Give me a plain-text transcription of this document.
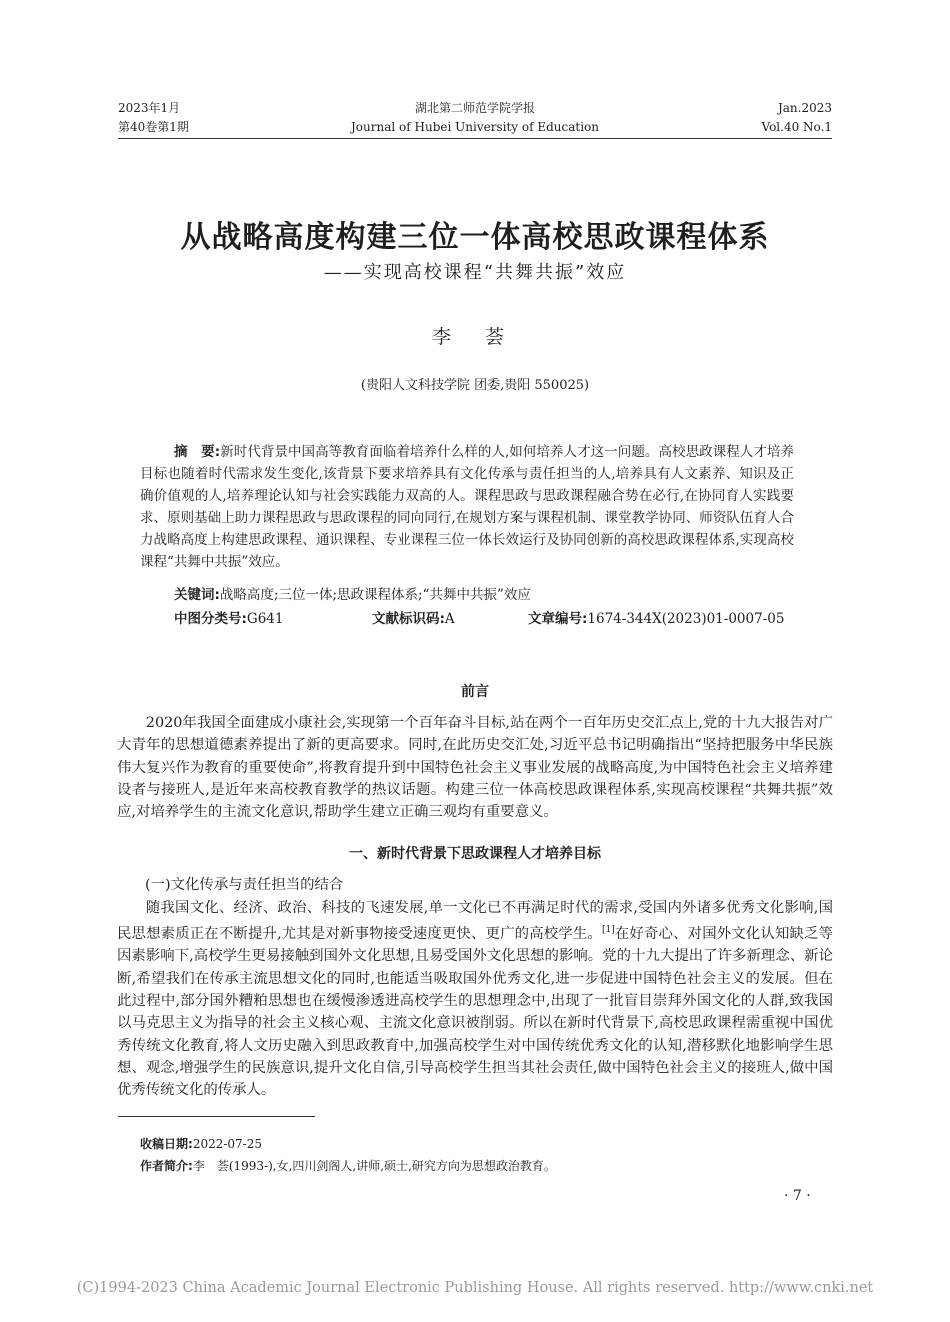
2023年1月
第40卷第1期
湖北第二师范学院学报
Journal of Hubei University of Education
Jan.2023
Vol.40 No.1
从战略高度构建三位一体高校思政课程体系
——实现高校课程“共舞共振”效应
李 荟
(贵阳人文科技学院 团委,贵阳 550025)
摘　要:新时代背景中国高等教育面临着培养什么样的人,如何培养人才这一问题。高校思政课程人才培养目标也随着时代需求发生变化,该背景下要求培养具有文化传承与责任担当的人,培养具有人文素养、知识及正确价值观的人,培养理论认知与社会实践能力双高的人。课程思政与思政课程融合势在必行,在协同育人实践要求、原则基础上助力课程思政与思政课程的同向同行,在规划方案与课程机制、课堂教学协同、师资队伍育人合力战略高度上构建思政课程、通识课程、专业课程三位一体长效运行及协同创新的高校思政课程体系,实现高校课程“共舞中共振”效应。
关键词:战略高度;三位一体;思政课程体系;“共舞中共振”效应
中图分类号:G641	文献标识码:A	文章编号:1674-344X(2023)01-0007-05
前言
2020年我国全面建成小康社会,实现第一个百年奋斗目标,站在两个一百年历史交汇点上,党的十九大报告对广大青年的思想道德素养提出了新的更高要求。同时,在此历史交汇处,习近平总书记明确指出“坚持把服务中华民族伟大复兴作为教育的重要使命”,将教育提升到中国特色社会主义事业发展的战略高度,为中国特色社会主义培养建设者与接班人,是近年来高校教育教学的热议话题。构建三位一体高校思政课程体系,实现高校课程“共舞共振”效应,对培养学生的主流文化意识,帮助学生建立正确三观均有重要意义。
一、新时代背景下思政课程人才培养目标
(一)文化传承与责任担当的结合
随我国文化、经济、政治、科技的飞速发展,单一文化已不再满足时代的需求,受国内外诸多优秀文化影响,国民思想素质正在不断提升,尤其是对新事物接受速度更快、更广的高校学生。[1]在好奇心、对国外文化认知缺乏等因素影响下,高校学生更易接触到国外文化思想,且易受国外文化思想的影响。党的十九大提出了许多新理念、新论断,希望我们在传承主流思想文化的同时,也能适当吸取国外优秀文化,进一步促进中国特色社会主义的发展。但在此过程中,部分国外糟粕思想也在缓慢渗透进高校学生的思想理念中,出现了一批盲目崇拜外国文化的人群,致我国以马克思主义为指导的社会主义核心观、主流文化意识被削弱。所以在新时代背景下,高校思政课程需重视中国优秀传统文化教育,将人文历史融入到思政教育中,加强高校学生对中国传统优秀文化的认知,潜移默化地影响学生思想、观念,增强学生的民族意识,提升文化自信,引导高校学生担当其社会责任,做中国特色社会主义的接班人,做中国优秀传统文化的传承人。
收稿日期:2022-07-25
作者简介:李　荟(1993-),女,四川剑阁人,讲师,硕士,研究方向为思想政治教育。
· 7 ·
(C)1994-2023 China Academic Journal Electronic Publishing House. All rights reserved. http://www.cnki.net
